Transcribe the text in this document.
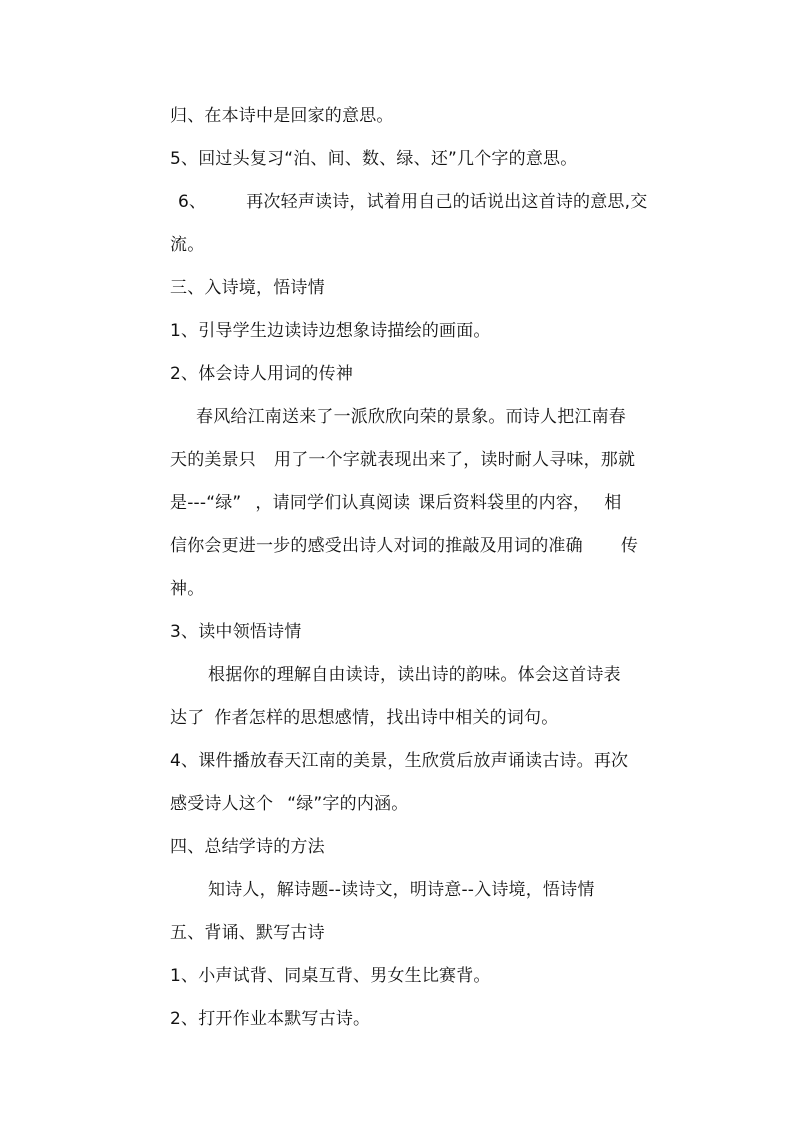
归、在本诗中是回家的意思。
5、回过头复习“泊、间、数、绿、还”几个字的意思。
6、 再次轻声读诗，试着用自己的话说出这首诗的意思,交
流。
三、入诗境，悟诗情
1、引导学生边读诗边想象诗描绘的画面。
2、体会诗人用词的传神
春风给江南送来了一派欣欣向荣的景象。而诗人把江南春
天的美景只 用了一个字就表现出来了，读时耐人寻味，那就
是---“绿” ，请同学们认真阅读 课后资料袋里的内容， 相
信你会更进一步的感受出诗人对词的推敲及用词的准确 传
神。
3、读中领悟诗情
根据你的理解自由读诗，读出诗的韵味。体会这首诗表
达了 作者怎样的思想感情，找出诗中相关的词句。
4、课件播放春天江南的美景，生欣赏后放声诵读古诗。再次
感受诗人这个 “绿”字的内涵。
四、总结学诗的方法
知诗人，解诗题--读诗文，明诗意--入诗境，悟诗情
五、背诵、默写古诗
1、小声试背、同桌互背、男女生比赛背。
2、打开作业本默写古诗。
